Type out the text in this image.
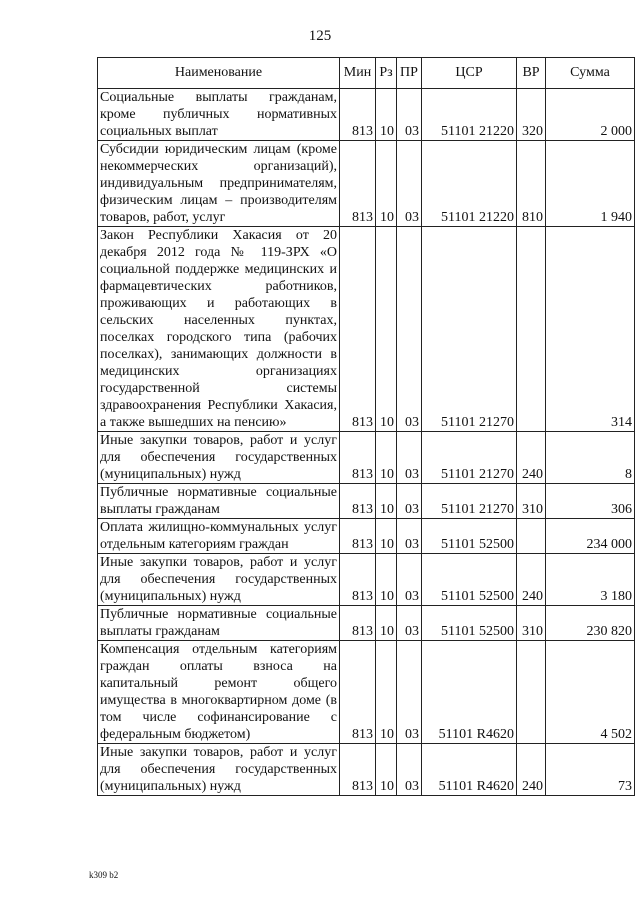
125
Наименование	Мин	Рз	ПР	ЦСР	ВР	Сумма
Социальные выплаты гражданам, кроме публичных нормативных социальных выплат	813	10	03	51101 21220	320	2 000
Субсидии юридическим лицам (кроме некоммерческих организаций), индивидуальным предпринимателям, физическим лицам – производителям товаров, работ, услуг	813	10	03	51101 21220	810	1 940
Закон Республики Хакасия от 20 декабря 2012 года № 119-ЗРХ «О социальной поддержке медицинских и фармацевтических работников, проживающих и работающих в сельских населенных пунктах, поселках городского типа (рабочих поселках), занимающих должности в медицинских организациях государственной системы здравоохранения Республики Хакасия, а также вышедших на пенсию»	813	10	03	51101 21270		314
Иные закупки товаров, работ и услуг для обеспечения государственных (муниципальных) нужд	813	10	03	51101 21270	240	8
Публичные нормативные социальные выплаты гражданам	813	10	03	51101 21270	310	306
Оплата жилищно-коммунальных услуг отдельным категориям граждан	813	10	03	51101 52500		234 000
Иные закупки товаров, работ и услуг для обеспечения государственных (муниципальных) нужд	813	10	03	51101 52500	240	3 180
Публичные нормативные социальные выплаты гражданам	813	10	03	51101 52500	310	230 820
Компенсация отдельным категориям граждан оплаты взноса на капитальный ремонт общего имущества в многоквартирном доме (в том числе софинансирование с федеральным бюджетом)	813	10	03	51101 R4620		4 502
Иные закупки товаров, работ и услуг для обеспечения государственных (муниципальных) нужд	813	10	03	51101 R4620	240	73
k309 b2
